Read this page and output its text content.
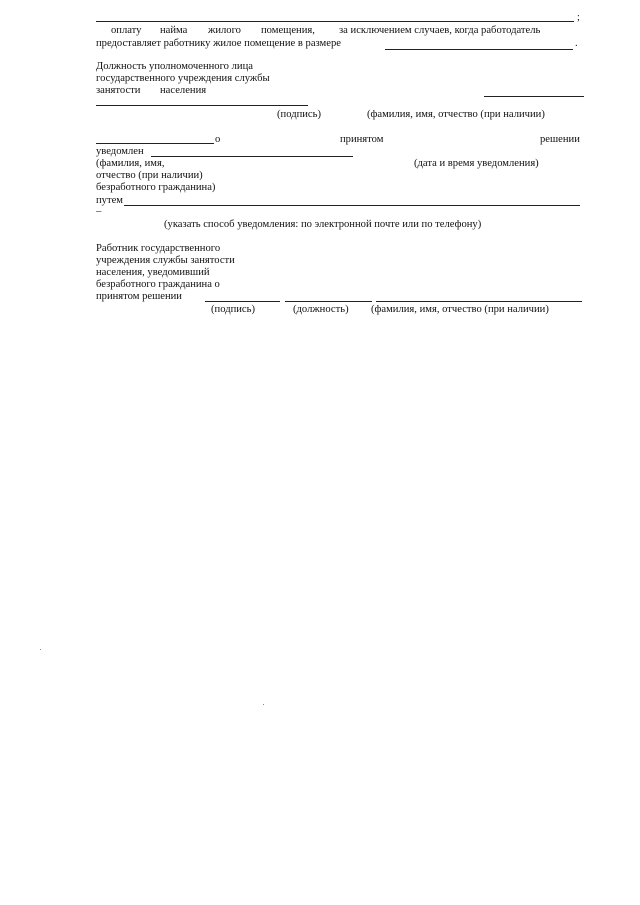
;
оплату найма жилого помещения, за исключением случаев, когда работодатель
предоставляет работнику жилое помещение в размере	.
Должность уполномоченного лица
государственного учреждения службы
занятости населения
(подпись)	(фамилия, имя, отчество (при наличии)
о	принятом	решении
уведомлен
(фамилия, имя,	(дата и время уведомления)
отчество (при наличии)
безработного гражданина)
путем
–
(указать способ уведомления: по электронной почте или по телефону)
Работник государственного
учреждения службы занятости
населения, уведомивший
безработного гражданина о
принятом решении
(подпись)	(должность) (фамилия, имя, отчество (при наличии)
